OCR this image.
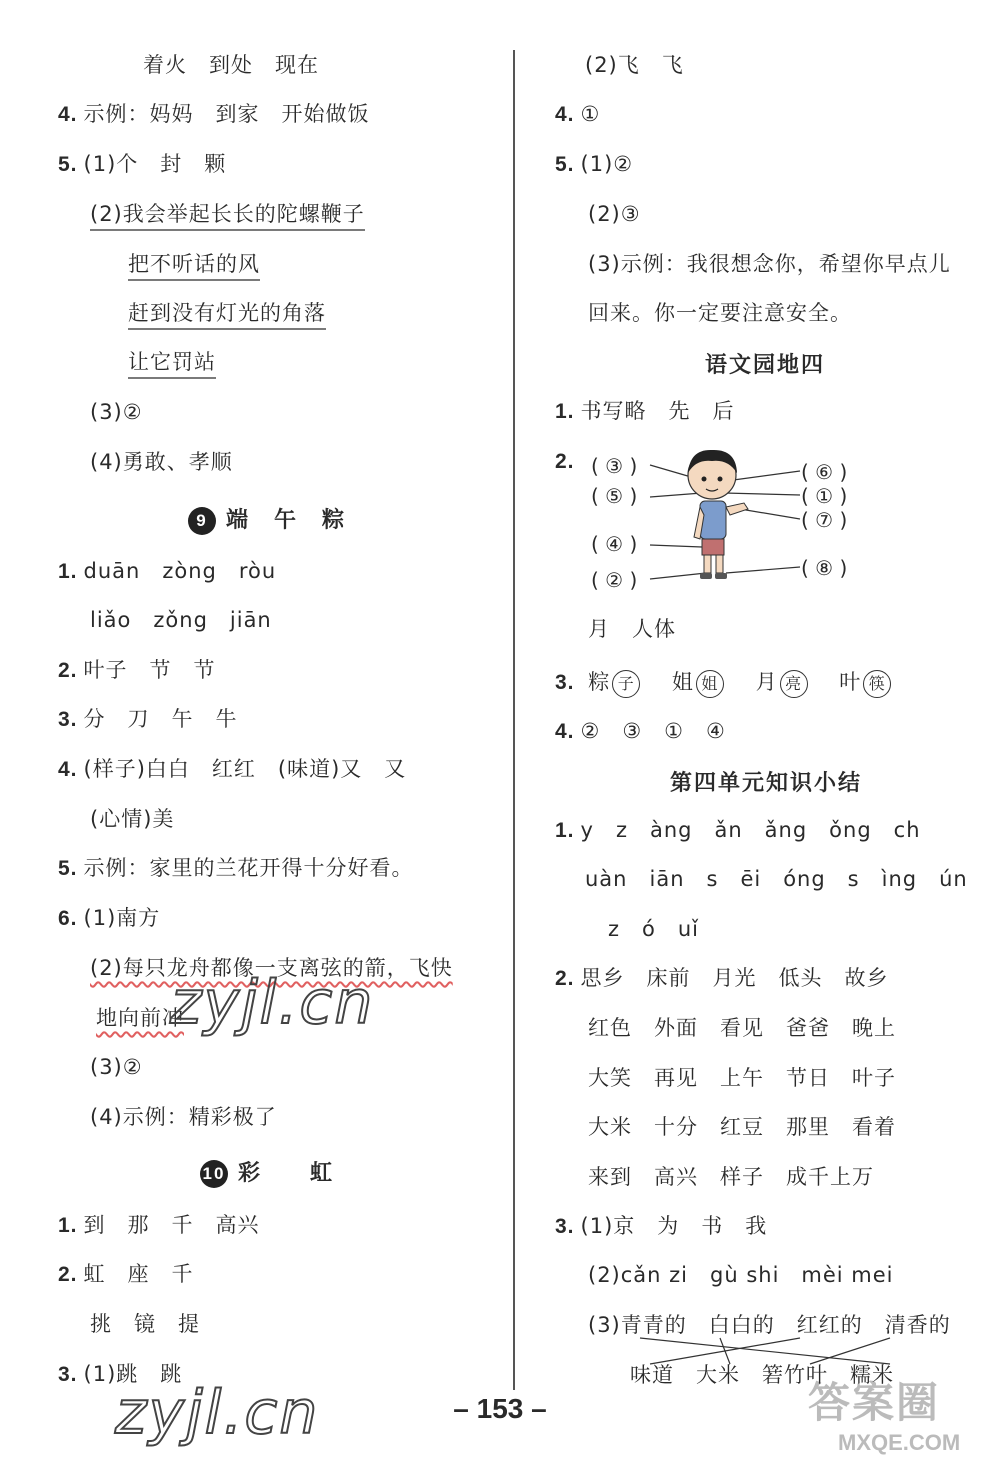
着火　到处　现在
4. 示例：妈妈　到家　开始做饭
5. (1)个　封　颗
(2)我会举起长长的陀螺鞭子
把不听话的风
赶到没有灯光的角落
让它罚站
(3)②
(4)勇敢、孝顺
9 端　午　粽
1. duān　zòng　ròu
liǎo　zǒng　jiān
2. 叶子　节　节
3. 分　刀　午　牛
4. (样子)白白　红红　(味道)又　又
(心情)美
5. 示例：家里的兰花开得十分好看。
6. (1)南方
(2)每只龙舟都像一支离弦的箭，飞快
地向前冲
(3)②
(4)示例：精彩极了
10 彩　　虹
1. 到　那　千　高兴
2. 虹　座　千
挑　镜　提
3. (1)跳　跳
zyjl.cn
zyjl.cn	答案圈
MXQE.COM
(2)飞　飞
4. ①
5. (1)②
(2)③
(3)示例：我很想念你，希望你早点儿
回来。你一定要注意安全。
语文园地四
1. 书写略　先　后
2. ( ③ )
( ⑤ )
( ④ )
( ② )
( ⑥ )
( ① )
( ⑦ )
( ⑧ )
月　人体
3. 粽 子 姐 姐 月 亮 叶 筷
4. ②　③　①　④
第四单元知识小结
1. y　z　àng　ǎn　ǎng　ǒng　ch
uàn　iān　s　ēi　óng　s　ìng　ún
z　ó　uǐ
2. 思乡　床前　月光　低头　故乡
红色　外面　看见　爸爸　晚上
大笑　再见　上午　节日　叶子
大米　十分　红豆　那里　看着
来到　高兴　样子　成千上万
3. (1)京　为　书　我
(2)cǎn zi　gù shi　mèi mei
(3)青青的　白白的　红红的　清香的
味道　大米　箬竹叶　糯米
– 153 –
